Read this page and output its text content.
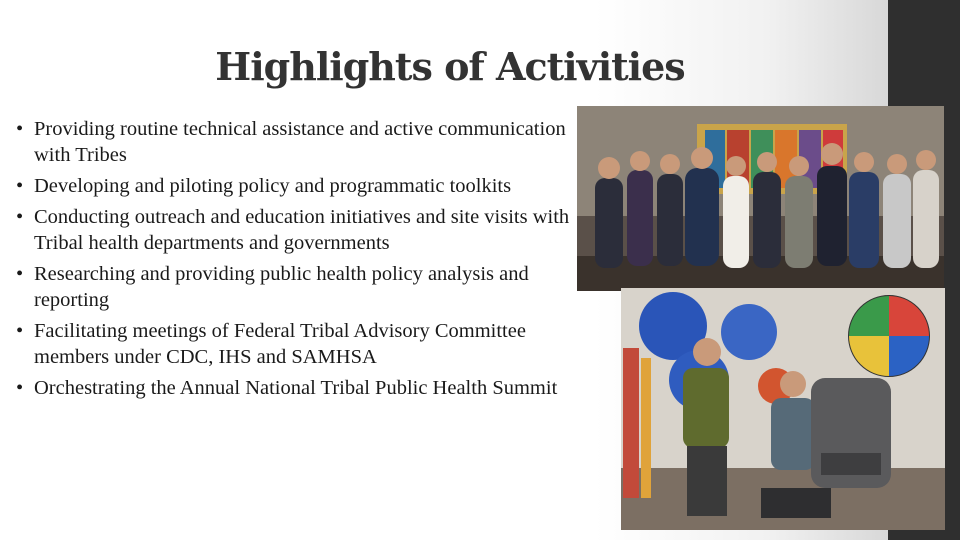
Highlights of Activities
• Providing routine technical assistance and active communication with Tribes
• Developing and piloting policy and programmatic toolkits
• Conducting outreach and education initiatives and site visits with Tribal health departments and governments
• Researching and providing public health policy analysis and reporting
• Facilitating meetings of Federal Tribal Advisory Committee members under CDC, IHS and SAMHSA
• Orchestrating the Annual National Tribal Public Health Summit
